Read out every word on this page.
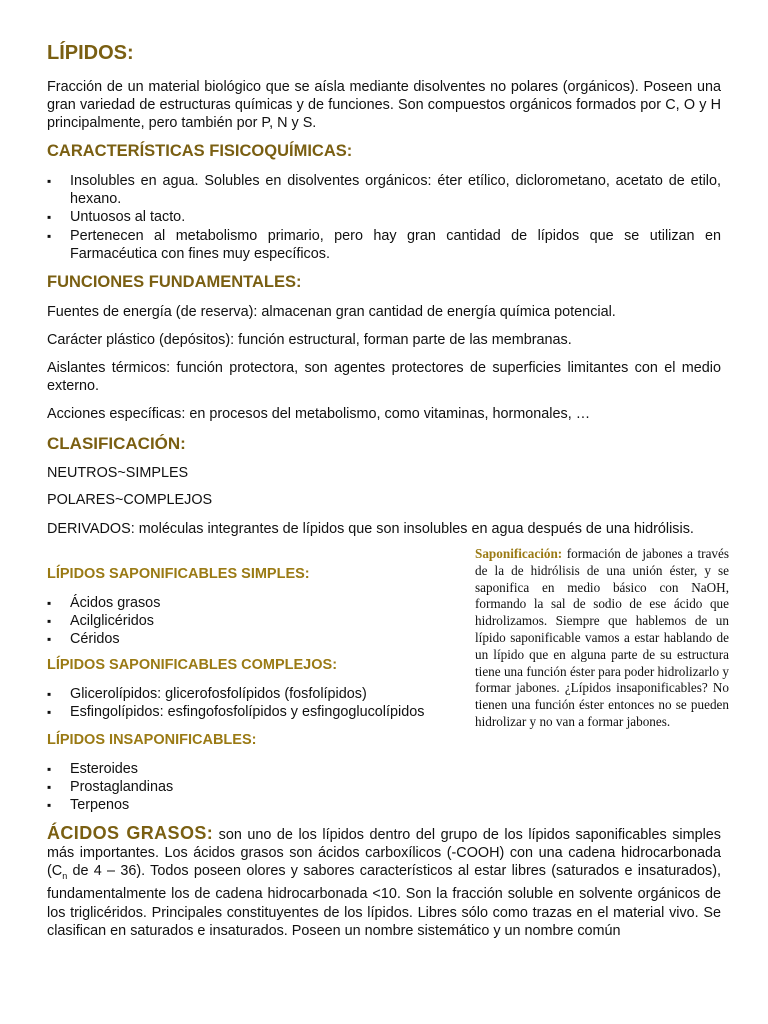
LÍPIDOS:
Fracción de un material biológico que se aísla mediante disolventes no polares (orgánicos). Poseen una gran variedad de estructuras químicas y de funciones. Son compuestos orgánicos formados por C, O y H principalmente, pero también por P, N y S.
CARACTERÍSTICAS FISICOQUÍMICAS:
▪ Insolubles en agua. Solubles en disolventes orgánicos: éter etílico, diclorometano, acetato de etilo, hexano.
▪ Untuosos al tacto.
▪ Pertenecen al metabolismo primario, pero hay gran cantidad de lípidos que se utilizan en Farmacéutica con fines muy específicos.
FUNCIONES FUNDAMENTALES:
Fuentes de energía (de reserva): almacenan gran cantidad de energía química potencial.
Carácter plástico (depósitos): función estructural, forman parte de las membranas.
Aislantes térmicos: función protectora, son agentes protectores de superficies limitantes con el medio externo.
Acciones específicas: en procesos del metabolismo, como vitaminas, hormonales, …
CLASIFICACIÓN:
NEUTROS~SIMPLES
POLARES~COMPLEJOS
DERIVADOS: moléculas integrantes de lípidos que son insolubles en agua después de una hidrólisis.
LÍPIDOS SAPONIFICABLES SIMPLES:
▪ Ácidos grasos
▪ Acilglicéridos
▪ Céridos
LÍPIDOS SAPONIFICABLES COMPLEJOS:
▪ Glicerolípidos: glicerofosfolípidos (fosfolípidos)
▪ Esfingolípidos: esfingofosfolípidos y esfingoglucolípidos
LÍPIDOS INSAPONIFICABLES:
▪ Esteroides
▪ Prostaglandinas
▪ Terpenos
ÁCIDOS GRASOS: son uno de los lípidos dentro del grupo de los lípidos saponificables simples más importantes. Los ácidos grasos son ácidos carboxílicos (-COOH) con una cadena hidrocarbonada ($C_n$ de 4 – 36). Todos poseen olores y sabores característicos al estar libres (saturados e insaturados), fundamentalmente los de cadena hidrocarbonada <10. Son la fracción soluble en solvente orgánicos de los triglicéridos. Principales constituyentes de los lípidos. Libres sólo como trazas en el material vivo. Se clasifican en saturados e insaturados. Poseen un nombre sistemático y un nombre común
Saponificación: formación de jabones a través de la de hidrólisis de una unión éster, y se saponifica en medio básico con NaOH, formando la sal de sodio de ese ácido que hidrolizamos. Siempre que hablemos de un lípido saponificable vamos a estar hablando de un lípido que en alguna parte de su estructura tiene una función éster para poder hidrolizarlo y formar jabones. ¿Lípidos insaponificables? No tienen una función éster entonces no se pueden hidrolizar y no van a formar jabones.
